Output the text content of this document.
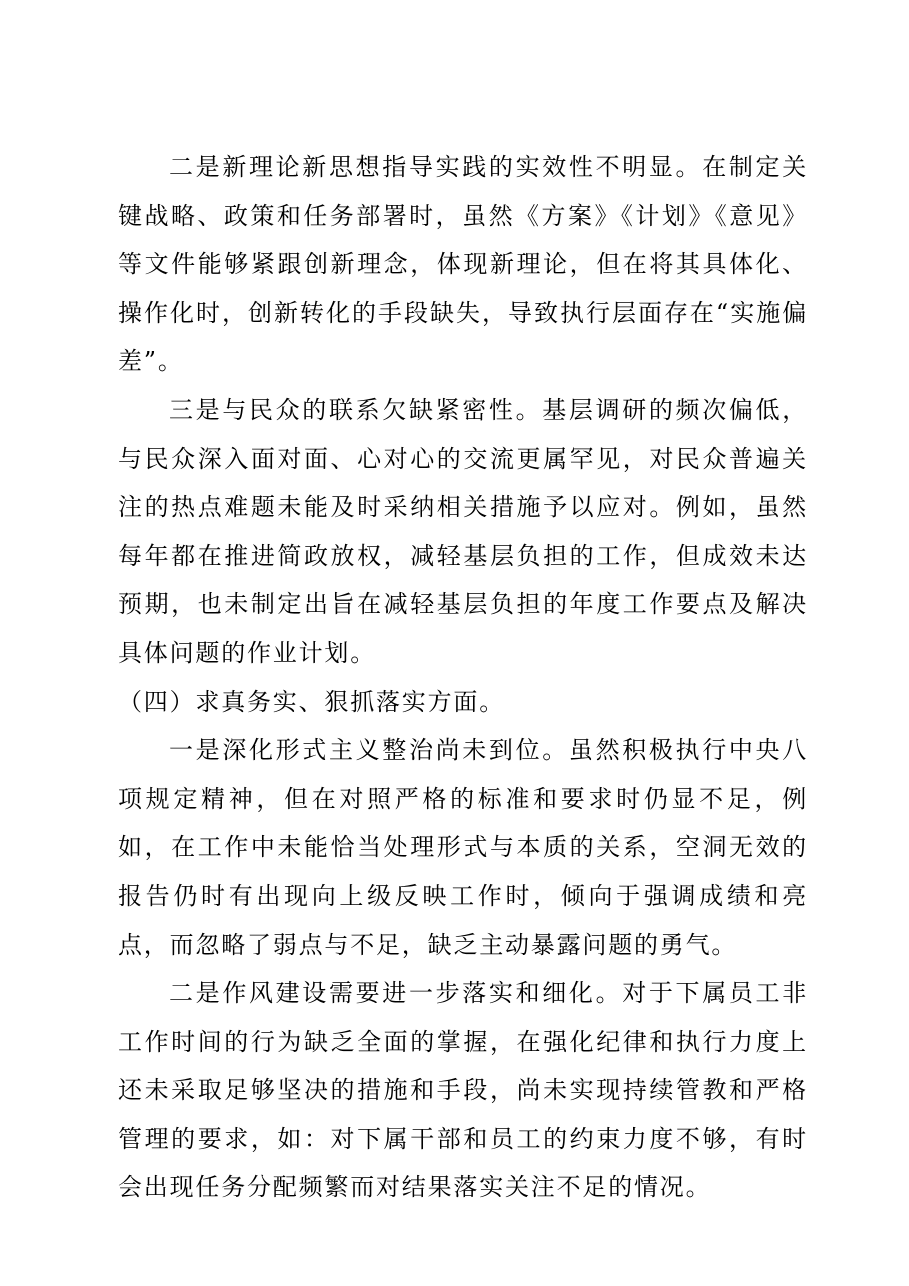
二是新理论新思想指导实践的实效性不明显。在制定关键战略、政策和任务部署时，虽然《方案》《计划》《意见》等文件能够紧跟创新理念，体现新理论，但在将其具体化、操作化时，创新转化的手段缺失，导致执行层面存在“实施偏差”。

三是与民众的联系欠缺紧密性。基层调研的频次偏低，与民众深入面对面、心对心的交流更属罕见，对民众普遍关注的热点难题未能及时采纳相关措施予以应对。例如，虽然每年都在推进简政放权，减轻基层负担的工作，但成效未达预期，也未制定出旨在减轻基层负担的年度工作要点及解决具体问题的作业计划。

（四）求真务实、狠抓落实方面。

一是深化形式主义整治尚未到位。虽然积极执行中央八项规定精神，但在对照严格的标准和要求时仍显不足，例如，在工作中未能恰当处理形式与本质的关系，空洞无效的报告仍时有出现向上级反映工作时，倾向于强调成绩和亮点，而忽略了弱点与不足，缺乏主动暴露问题的勇气。

二是作风建设需要进一步落实和细化。对于下属员工非工作时间的行为缺乏全面的掌握，在强化纪律和执行力度上还未采取足够坚决的措施和手段，尚未实现持续管教和严格管理的要求，如：对下属干部和员工的约束力度不够，有时会出现任务分配频繁而对结果落实关注不足的情况。
